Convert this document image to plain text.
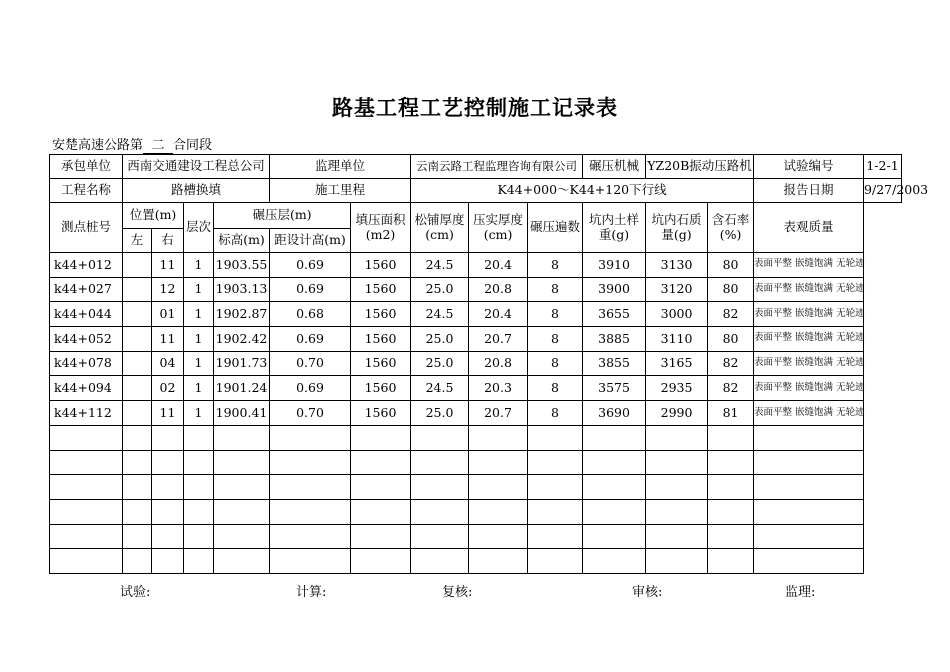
路基工程工艺控制施工记录表
安楚高速公路第 二 合同段
承包单位	西南交通建设工程总公司				监理单位		云南云路工程监理咨询有限公司			碾压机械	YZ20B振动压路机		试验编号	1-2-1
工程名称	路槽换填				施工里程		K44+000～K44+120下行线						报告日期	9/27/2003
测点桩号	位置(m)		层次	碾压层(m)		填压面积(m2)	松铺厚度(cm)	压实厚度(cm)	碾压遍数	坑内土样重(g)	坑内石质量(g)	含石率(%)	表观质量	
	左	右		标高(m)	距设计高(m)									
k44+012		11	1	1903.55	0.69	1560	24.5	20.4	8	3910	3130	80	表面平整 嵌缝饱满 无轮迹	
k44+027		12	1	1903.13	0.69	1560	25.0	20.8	8	3900	3120	80	表面平整 嵌缝饱满 无轮迹	
k44+044		01	1	1902.87	0.68	1560	24.5	20.4	8	3655	3000	82	表面平整 嵌缝饱满 无轮迹	
k44+052		11	1	1902.42	0.69	1560	25.0	20.7	8	3885	3110	80	表面平整 嵌缝饱满 无轮迹	
k44+078		04	1	1901.73	0.70	1560	25.0	20.8	8	3855	3165	82	表面平整 嵌缝饱满 无轮迹	
k44+094		02	1	1901.24	0.69	1560	24.5	20.3	8	3575	2935	82	表面平整 嵌缝饱满 无轮迹	
k44+112		11	1	1900.41	0.70	1560	25.0	20.7	8	3690	2990	81	表面平整 嵌缝饱满 无轮迹	

试验:	计算:	复核:	审核:	监理:
